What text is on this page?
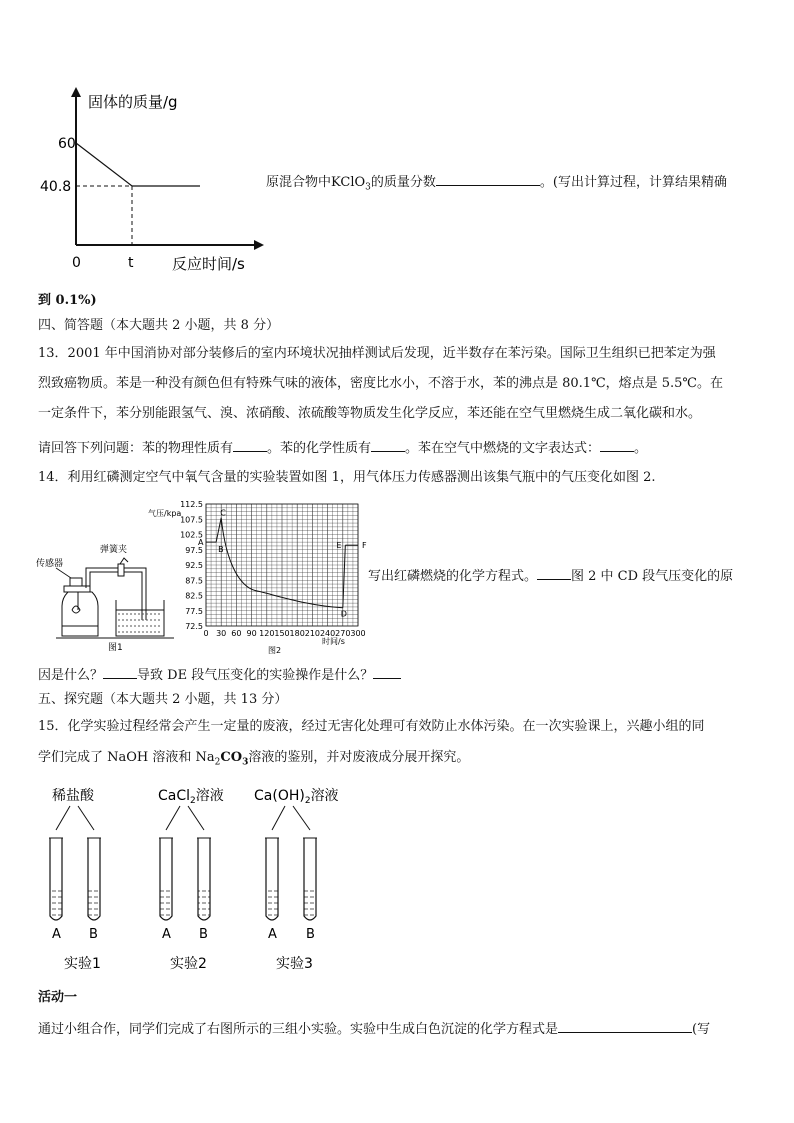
固体的质量/g
60
40.8
0	t	反应时间/s
原混合物中KClO$_3$的质量分数	。(写出计算过程，计算结果精确
到 0.1%)
四、简答题（本大题共 2 小题，共 8 分）
13．2001 年中国消协对部分装修后的室内环境状况抽样测试后发现，近半数存在苯污染。国际卫生组织已把苯定为强
烈致癌物质。苯是一种没有颜色但有特殊气味的液体，密度比水小，不溶于水，苯的沸点是 80.1℃，熔点是 5.5℃。在
一定条件下，苯分别能跟氢气、溴、浓硝酸、浓硫酸等物质发生化学反应，苯还能在空气里燃烧生成二氧化碳和水。
请回答下列问题：苯的物理性质有	。苯的化学性质有	。苯在空气中燃烧的文字表达式：	。
14．利用红磷测定空气中氧气含量的实验装置如图 1，用气体压力传感器测出该集气瓶中的气压变化如图 2.
传感器
弹簧夹
图1
气压/kpa
时间/s
图2
112.5
107.5
102.5
97.5
92.5
87.5
82.5
77.5
72.5
0 30 60 90 120 150 180 210 240 270 300
A
B
C
D
E	F
写出红磷燃烧的化学方程式。	图 2 中 CD 段气压变化的原
因是什么？	导致 DE 段气压变化的实验操作是什么？
五、探究题（本大题共 2 小题，共 13 分）
15．化学实验过程经常会产生一定量的废液，经过无害化处理可有效防止水体污染。在一次实验课上，兴趣小组的同
学们完成了 NaOH 溶液和 $Na_2CO_3$溶液的鉴别，并对废液成分展开探究。
稀盐酸	CaCl$_2$溶液 $Ca(OH)_2$溶液
A B	A B	A B
实验1	实验2	实验3
活动一
通过小组合作，同学们完成了右图所示的三组小实验。实验中生成白色沉淀的化学方程式是	(写
